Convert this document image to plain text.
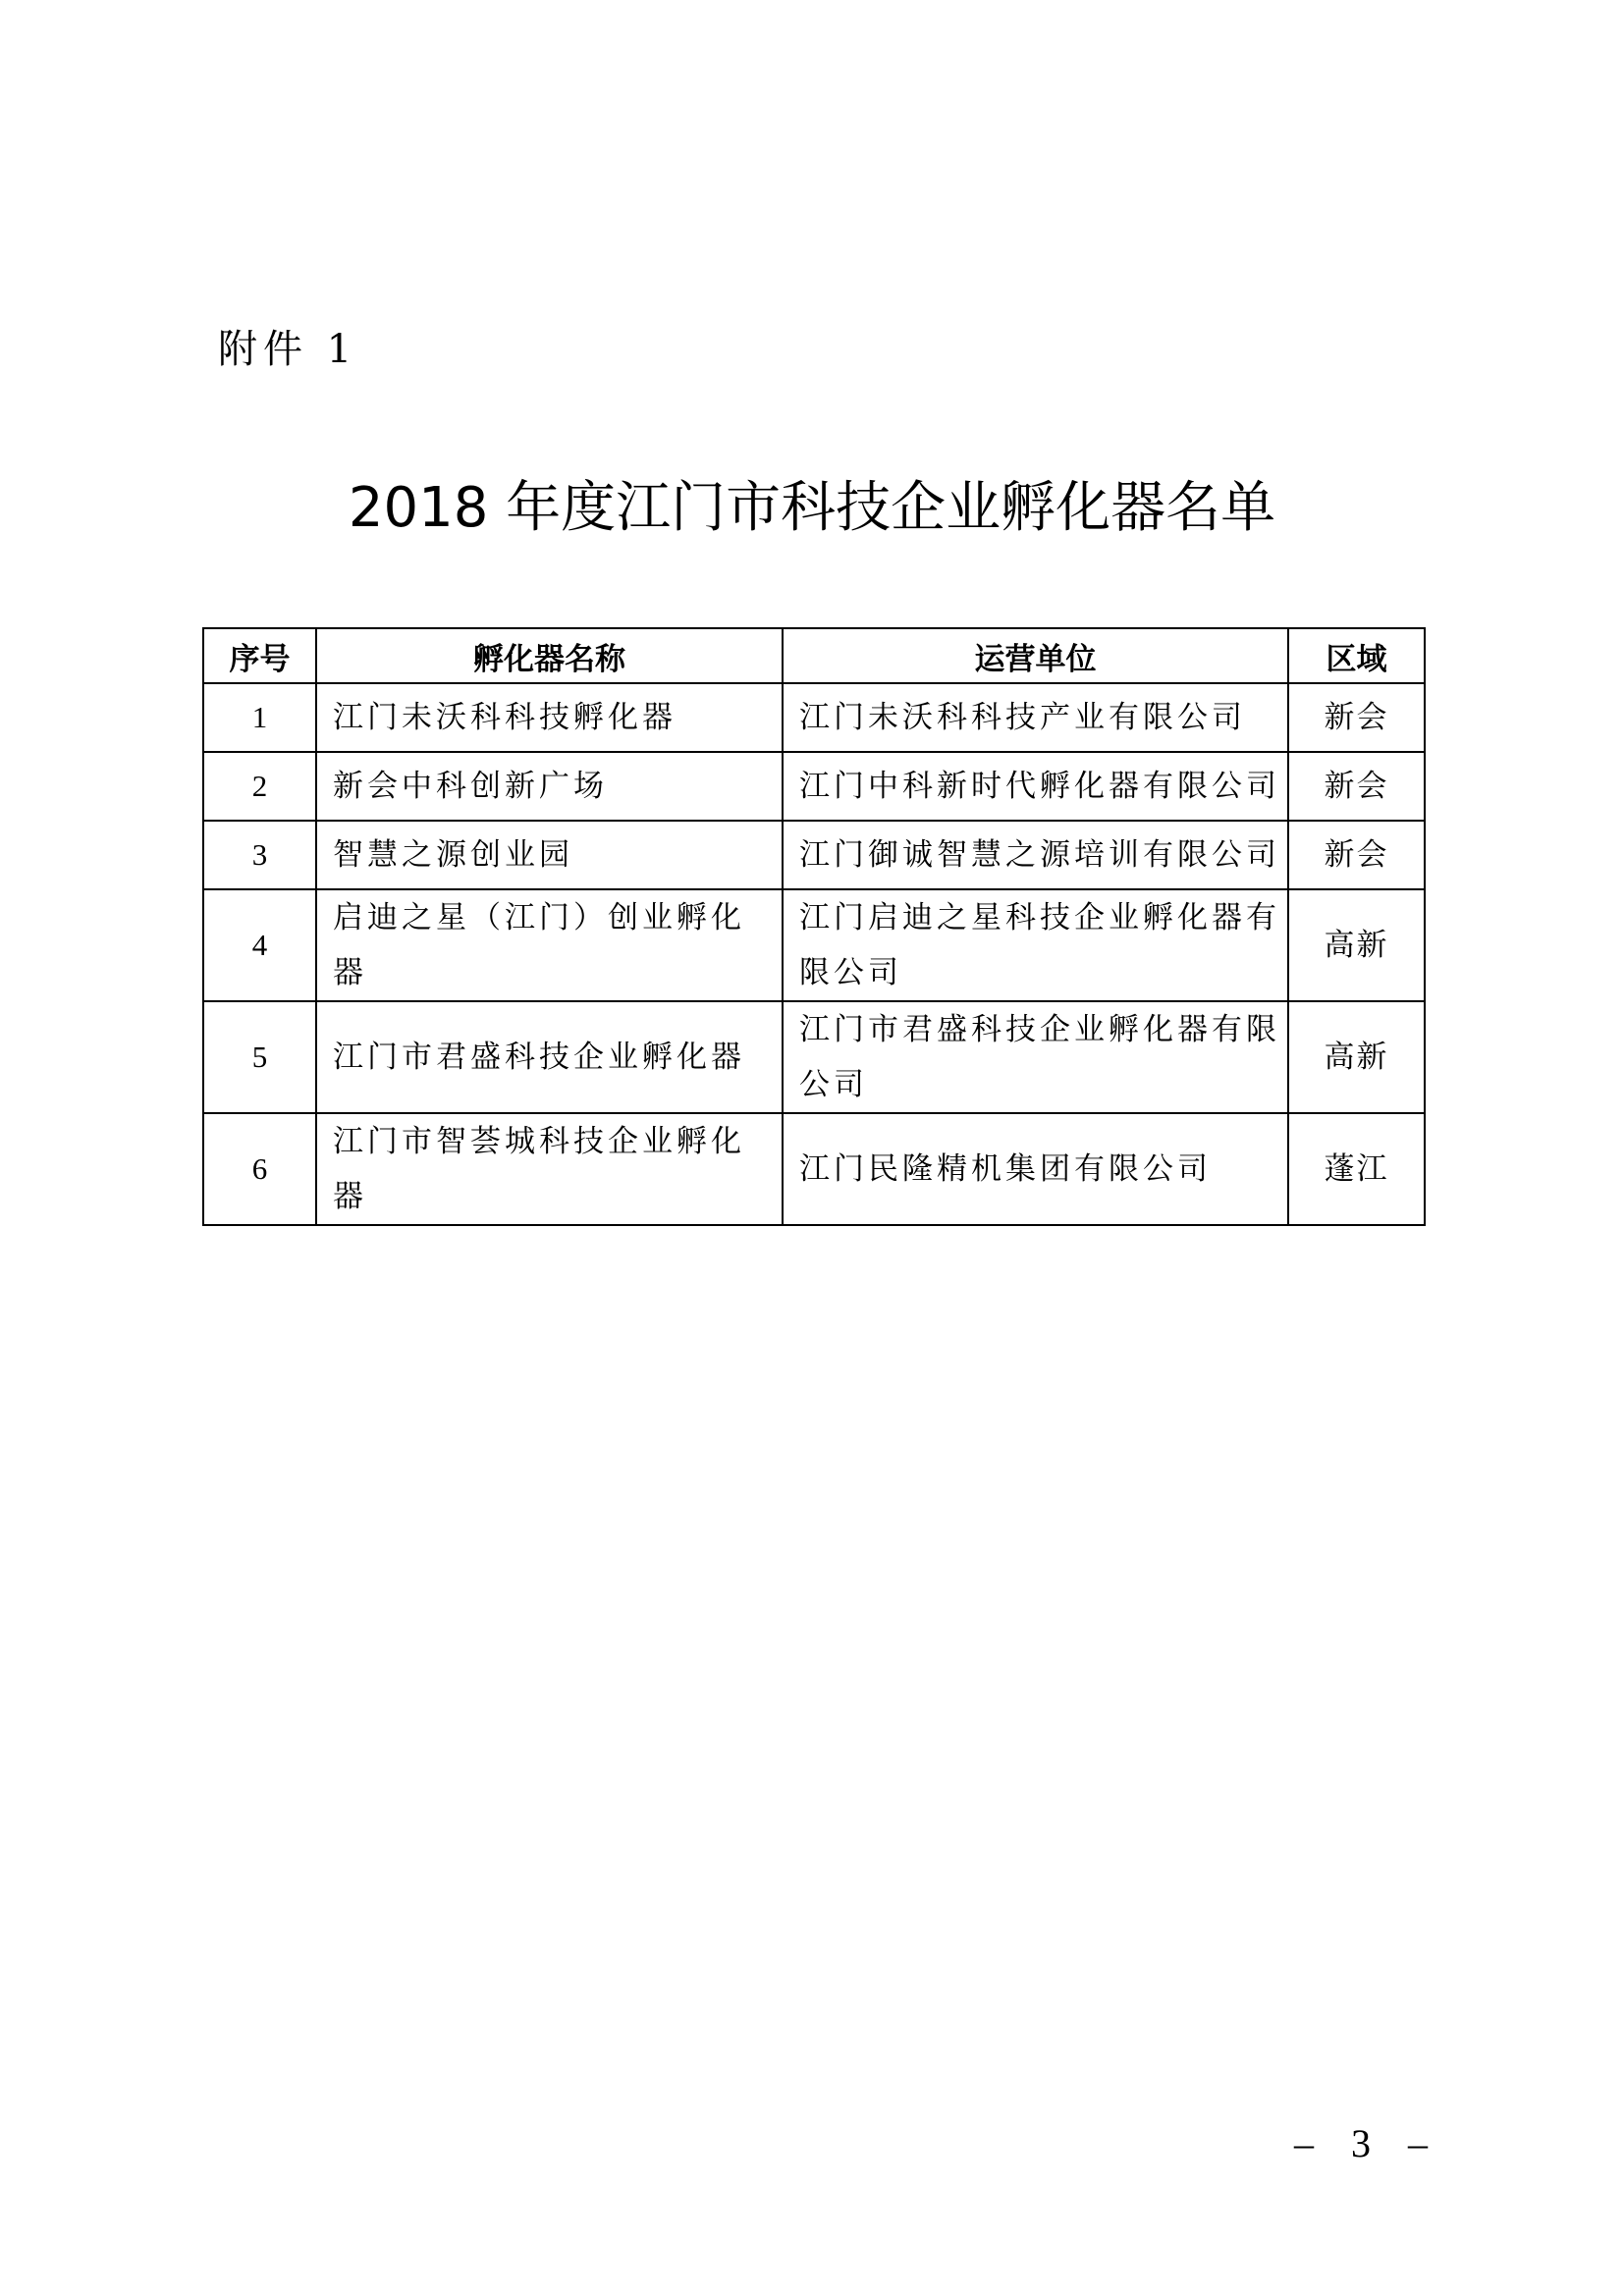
附件 1
2018 年度江门市科技企业孵化器名单
序号	孵化器名称	运营单位	区域
1	江门未沃科科技孵化器	江门未沃科科技产业有限公司	新会
2	新会中科创新广场	江门中科新时代孵化器有限公司	新会
3	智慧之源创业园	江门御诚智慧之源培训有限公司	新会
4	启迪之星（江门）创业孵化器	江门启迪之星科技企业孵化器有限公司	高新
5	江门市君盛科技企业孵化器	江门市君盛科技企业孵化器有限公司	高新
6	江门市智荟城科技企业孵化器	江门民隆精机集团有限公司	蓬江
– 3 –
